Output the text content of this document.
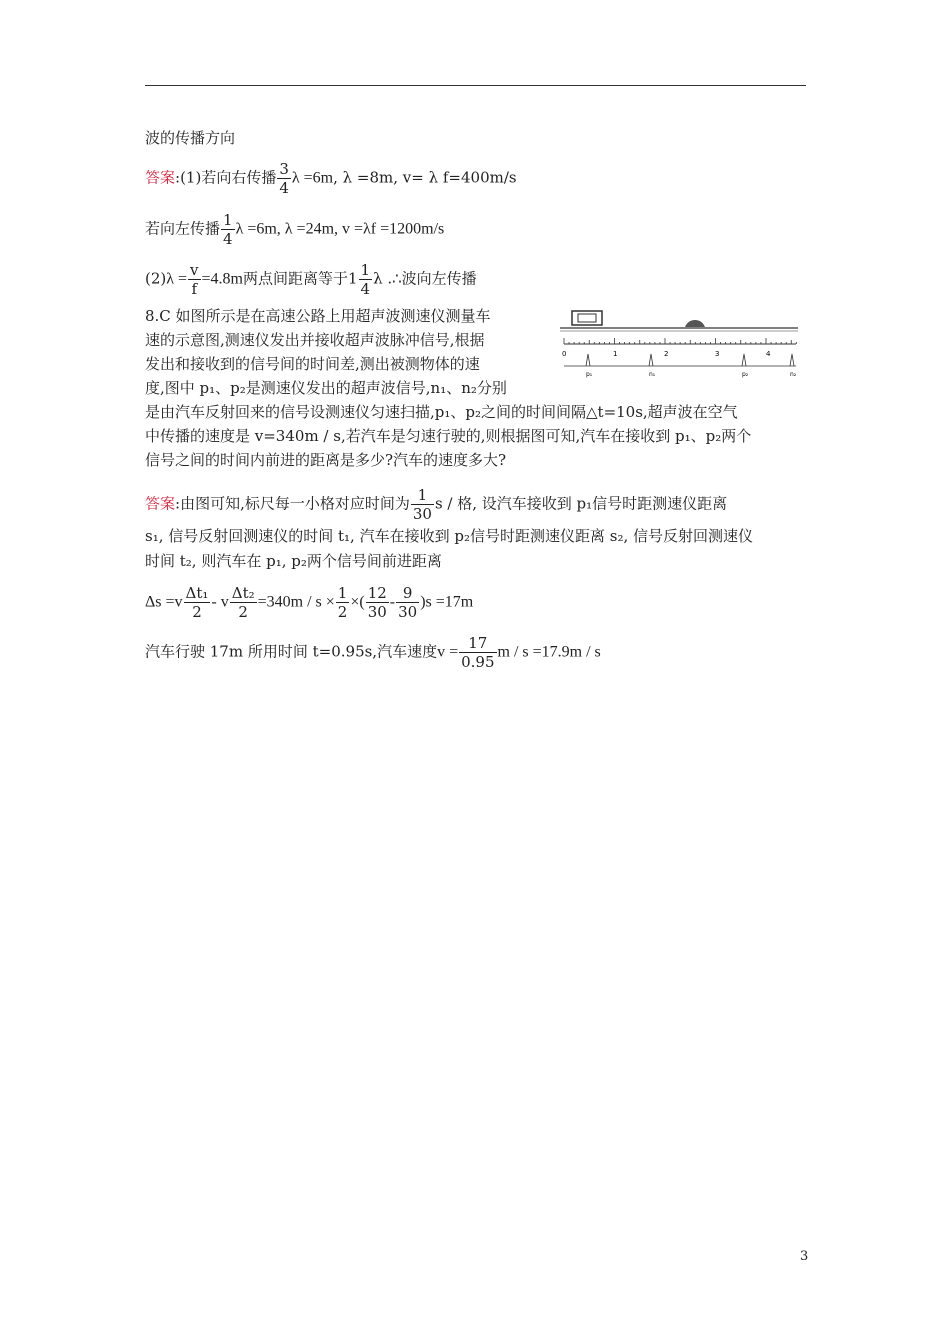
波的传播方向
答案:(1)若向右传播 $\frac{3}{4}$ λ =6m, λ =8m, v= λ f=400m/s
若向左传播 $\frac{1}{4}$ λ =6m, λ =24m, v =λf =1200m/s
$(2)\lambda = \frac{v}{f} =4.8m$两点间距离等于$1 \frac{1}{4}$ λ .∴波向左传播
8.C 如图所示是在高速公路上用超声波测速仪测量车
速的示意图,测速仪发出并接收超声波脉冲信号,根据
发出和接收到的信号间的时间差,测出被测物体的速
度,图中 p₁、p₂是测速仪发出的超声波信号,n₁、n₂分别
是由汽车反射回来的信号设测速仪匀速扫描,p₁、p₂之间的时间间隔△t=10s,超声波在空气
中传播的速度是 v=340m / s,若汽车是匀速行驶的,则根据图可知,汽车在接收到 p₁、p₂两个
信号之间的时间内前进的距离是多少?汽车的速度多大?
0	1	2	3	4
p₁	n₁	p₂	n₂
答案:由图可知,标尺每一小格对应时间为 $\frac{1}{30}$ s / 格, 设汽车接收到 p₁信号时距测速仪距离
s₁, 信号反射回测速仪的时间 t₁, 汽车在接收到 p₂信号时距测速仪距离 s₂, 信号反射回测速仪
时间 t₂, 则汽车在 p₁, p₂两个信号间前进距离
$\Delta s =v \frac{\text{Δt₁}}{2} - v \frac{\text{Δt₂}}{2} =340m / s \times \frac{1}{2}$ ×( $\frac{12}{30} - \frac{9}{30} )s =17m$
汽车行驶 17m 所用时间 t=0.95s,汽车速度$v = \frac{17}{0.95}$ m / s =17.9m / s
3
